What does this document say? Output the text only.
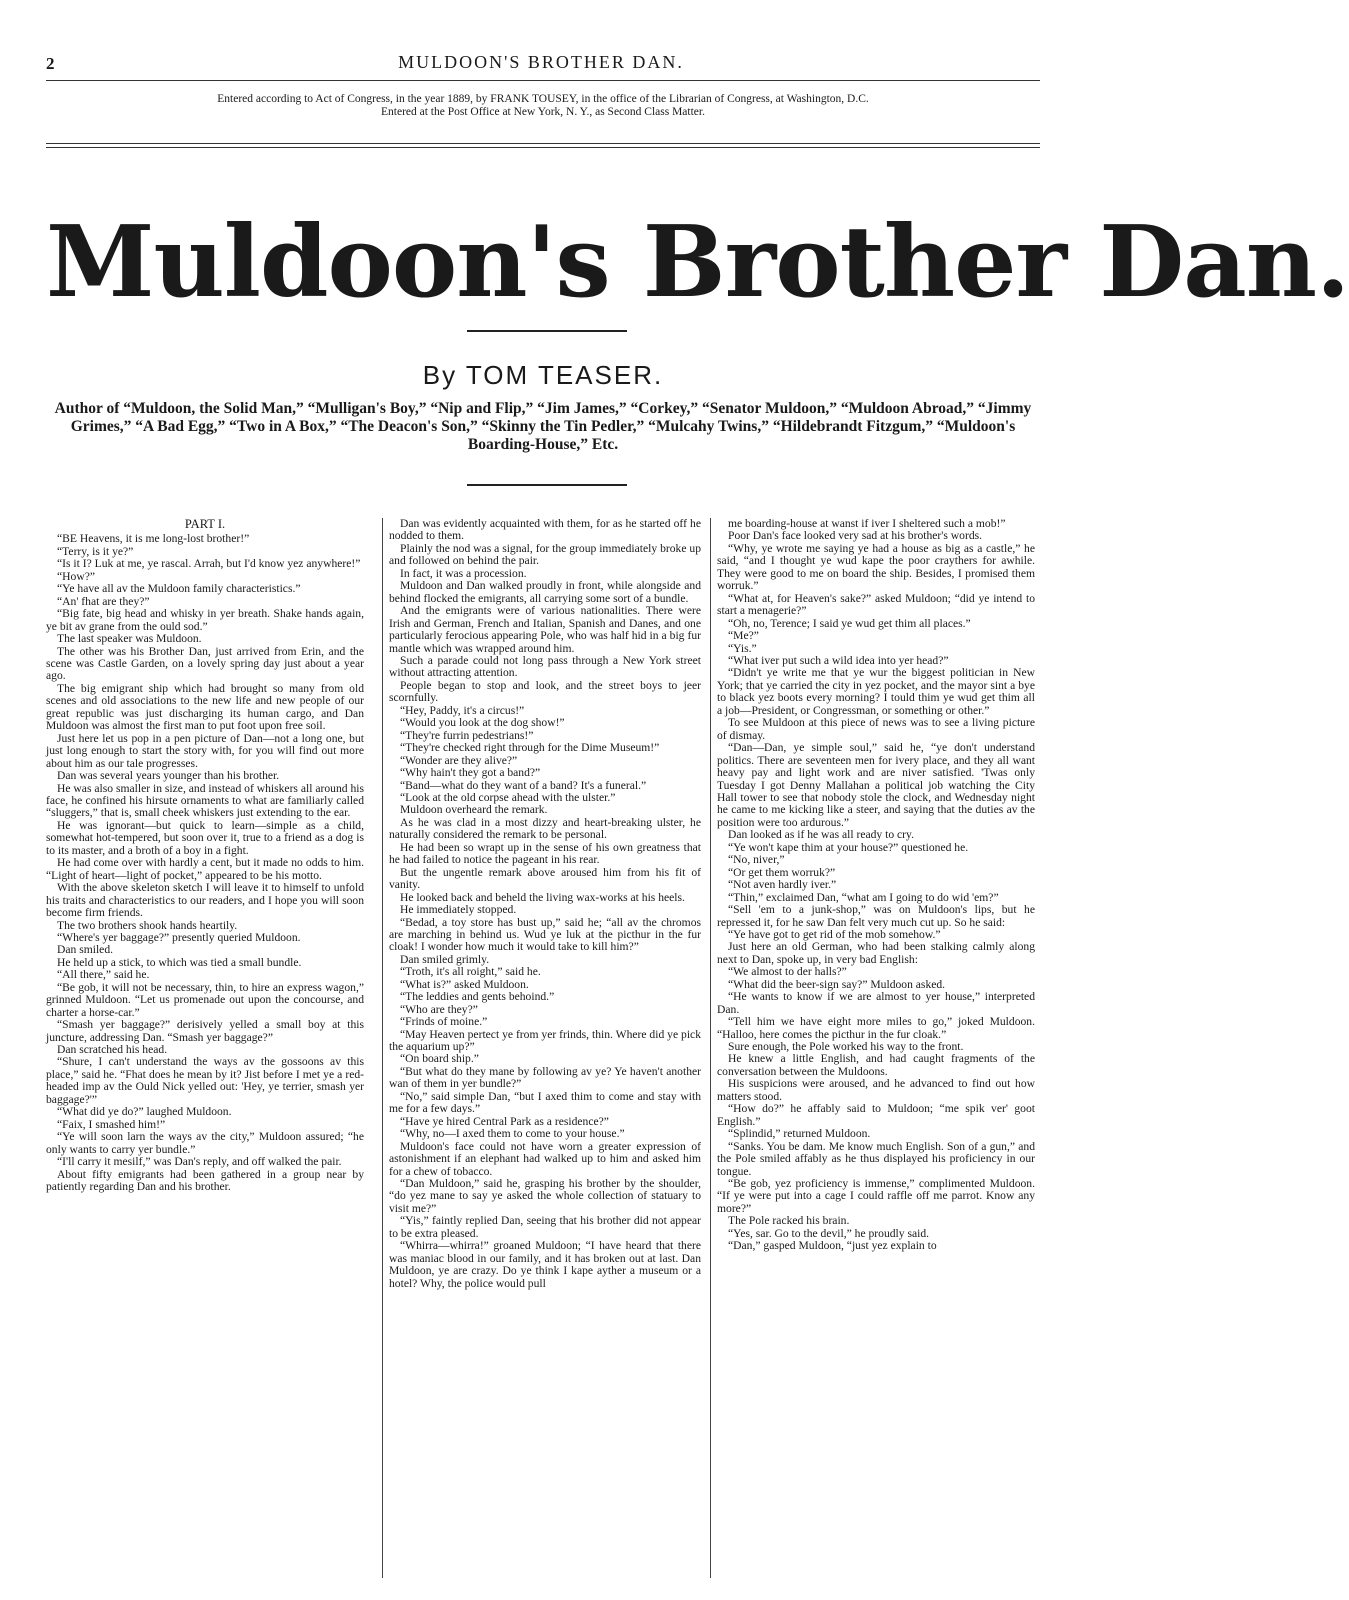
2	MULDOON'S BROTHER DAN.
Entered according to Act of Congress, in the year 1889, by FRANK TOUSEY, in the office of the Librarian of Congress, at Washington, D.C.
Entered at the Post Office at New York, N. Y., as Second Class Matter.
Muldoon's Brother Dan.
By TOM TEASER.
Author of “Muldoon, the Solid Man,” “Mulligan's Boy,” “Nip and Flip,” “Jim James,” “Corkey,” “Senator Muldoon,” “Muldoon Abroad,” “Jimmy Grimes,” “A Bad Egg,” “Two in A Box,” “The Deacon's Son,” “Skinny the Tin Pedler,” “Mulcahy Twins,” “Hildebrandt Fitzgum,” “Muldoon's Boarding-House,” Etc.
PART I.

“BE Heavens, it is me long-lost brother!”

“Terry, is it ye?”

“Is it I? Luk at me, ye rascal. Arrah, but I'd know yez anywhere!”

“How?”

“Ye have all av the Muldoon family characteristics.”

“An' fhat are they?”

“Big fate, big head and whisky in yer breath. Shake hands again, ye bit av grane from the ould sod.”

The last speaker was Muldoon.

The other was his Brother Dan, just arrived from Erin, and the scene was Castle Garden, on a lovely spring day just about a year ago.

The big emigrant ship which had brought so many from old scenes and old associations to the new life and new people of our great republic was just discharging its human cargo, and Dan Muldoon was almost the first man to put foot upon free soil.

Just here let us pop in a pen picture of Dan—not a long one, but just long enough to start the story with, for you will find out more about him as our tale progresses.

Dan was several years younger than his brother.

He was also smaller in size, and instead of whiskers all around his face, he confined his hirsute ornaments to what are familiarly called “sluggers,” that is, small cheek whiskers just extending to the ear.

He was ignorant—but quick to learn—simple as a child, somewhat hot-tempered, but soon over it, true to a friend as a dog is to its master, and a broth of a boy in a fight.

He had come over with hardly a cent, but it made no odds to him. “Light of heart—light of pocket,” appeared to be his motto.

With the above skeleton sketch I will leave it to himself to unfold his traits and characteristics to our readers, and I hope you will soon become firm friends.

The two brothers shook hands heartily.

“Where's yer baggage?” presently queried Muldoon.

Dan smiled.

He held up a stick, to which was tied a small bundle.

“All there,” said he.

“Be gob, it will not be necessary, thin, to hire an express wagon,” grinned Muldoon. “Let us promenade out upon the concourse, and charter a horse-car.”

“Smash yer baggage?” derisively yelled a small boy at this juncture, addressing Dan. “Smash yer baggage?”

Dan scratched his head.

“Shure, I can't understand the ways av the gossoons av this place,” said he. “Fhat does he mean by it? Jist before I met ye a red-headed imp av the Ould Nick yelled out: 'Hey, ye terrier, smash yer baggage?'”

“What did ye do?” laughed Muldoon.

“Faix, I smashed him!”

“Ye will soon larn the ways av the city,” Muldoon assured; “he only wants to carry yer bundle.”

“I'll carry it mesilf,” was Dan's reply, and off walked the pair.

About fifty emigrants had been gathered in a group near by patiently regarding Dan and his brother.

Dan was evidently acquainted with them, for as he started off he nodded to them.

Plainly the nod was a signal, for the group immediately broke up and followed on behind the pair.

In fact, it was a procession.

Muldoon and Dan walked proudly in front, while alongside and behind flocked the emigrants, all carrying some sort of a bundle.

And the emigrants were of various nationalities. There were Irish and German, French and Italian, Spanish and Danes, and one particularly ferocious appearing Pole, who was half hid in a big fur mantle which was wrapped around him.

Such a parade could not long pass through a New York street without attracting attention.

People began to stop and look, and the street boys to jeer scornfully.

“Hey, Paddy, it's a circus!”

“Would you look at the dog show!”

“They're furrin pedestrians!”

“They're checked right through for the Dime Museum!”

“Wonder are they alive?”

“Why hain't they got a band?”

“Band—what do they want of a band? It's a funeral.”

“Look at the old corpse ahead with the ulster.”

Muldoon overheard the remark.

As he was clad in a most dizzy and heart-breaking ulster, he naturally considered the remark to be personal.

He had been so wrapt up in the sense of his own greatness that he had failed to notice the pageant in his rear.

But the ungentle remark above aroused him from his fit of vanity.

He looked back and beheld the living wax-works at his heels.

He immediately stopped.

“Bedad, a toy store has bust up,” said he; “all av the chromos are marching in behind us. Wud ye luk at the picthur in the fur cloak! I wonder how much it would take to kill him?”

Dan smiled grimly.

“Troth, it's all roight,” said he.

“What is?” asked Muldoon.

“The leddies and gents behoind.”

“Who are they?”

“Frinds of moine.”

“May Heaven pertect ye from yer frinds, thin. Where did ye pick the aquarium up?”

“On board ship.”

“But what do they mane by following av ye? Ye haven't another wan of them in yer bundle?”

“No,” said simple Dan, “but I axed thim to come and stay with me for a few days.”

“Have ye hired Central Park as a residence?”

“Why, no—I axed them to come to your house.”

Muldoon's face could not have worn a greater expression of astonishment if an elephant had walked up to him and asked him for a chew of tobacco.

“Dan Muldoon,” said he, grasping his brother by the shoulder, “do yez mane to say ye asked the whole collection of statuary to visit me?”

“Yis,” faintly replied Dan, seeing that his brother did not appear to be extra pleased.

“Whirra—whirra!” groaned Muldoon; “I have heard that there was maniac blood in our family, and it has broken out at last. Dan Muldoon, ye are crazy. Do ye think I kape ayther a museum or a hotel? Why, the police would pull

me boarding-house at wanst if iver I sheltered such a mob!”

Poor Dan's face looked very sad at his brother's words.

“Why, ye wrote me saying ye had a house as big as a castle,” he said, “and I thought ye wud kape the poor craythers for awhile. They were good to me on board the ship. Besides, I promised them worruk.”

“What at, for Heaven's sake?” asked Muldoon; “did ye intend to start a menagerie?”

“Oh, no, Terence; I said ye wud get thim all places.”

“Me?”

“Yis.”

“What iver put such a wild idea into yer head?”

“Didn't ye write me that ye wur the biggest politician in New York; that ye carried the city in yez pocket, and the mayor sint a bye to black yez boots every morning? I tould thim ye wud get thim all a job—President, or Congressman, or something or other.”

To see Muldoon at this piece of news was to see a living picture of dismay.

“Dan—Dan, ye simple soul,” said he, “ye don't understand politics. There are seventeen men for ivery place, and they all want heavy pay and light work and are niver satisfied. 'Twas only Tuesday I got Denny Mallahan a political job watching the City Hall tower to see that nobody stole the clock, and Wednesday night he came to me kicking like a steer, and saying that the duties av the position were too ardurous.”

Dan looked as if he was all ready to cry.

“Ye won't kape thim at your house?” questioned he.

“No, niver,”

“Or get them worruk?”

“Not aven hardly iver.”

“Thin,” exclaimed Dan, “what am I going to do wid 'em?”

“Sell 'em to a junk-shop,” was on Muldoon's lips, but he repressed it, for he saw Dan felt very much cut up. So he said:

“Ye have got to get rid of the mob somehow.”

Just here an old German, who had been stalking calmly along next to Dan, spoke up, in very bad English:

“We almost to der halls?”

“What did the beer-sign say?” Muldoon asked.

“He wants to know if we are almost to yer house,” interpreted Dan.

“Tell him we have eight more miles to go,” joked Muldoon. “Halloo, here comes the picthur in the fur cloak.”

Sure enough, the Pole worked his way to the front.

He knew a little English, and had caught fragments of the conversation between the Muldoons.

His suspicions were aroused, and he advanced to find out how matters stood.

“How do?” he affably said to Muldoon; “me spik ver' goot English.”

“Splindid,” returned Muldoon.

“Sanks. You be dam. Me know much English. Son of a gun,” and the Pole smiled affably as he thus displayed his proficiency in our tongue.

“Be gob, yez proficiency is immense,” complimented Muldoon. “If ye were put into a cage I could raffle off me parrot. Know any more?”

The Pole racked his brain.

“Yes, sar. Go to the devil,” he proudly said.

“Dan,” gasped Muldoon, “just yez explain to
